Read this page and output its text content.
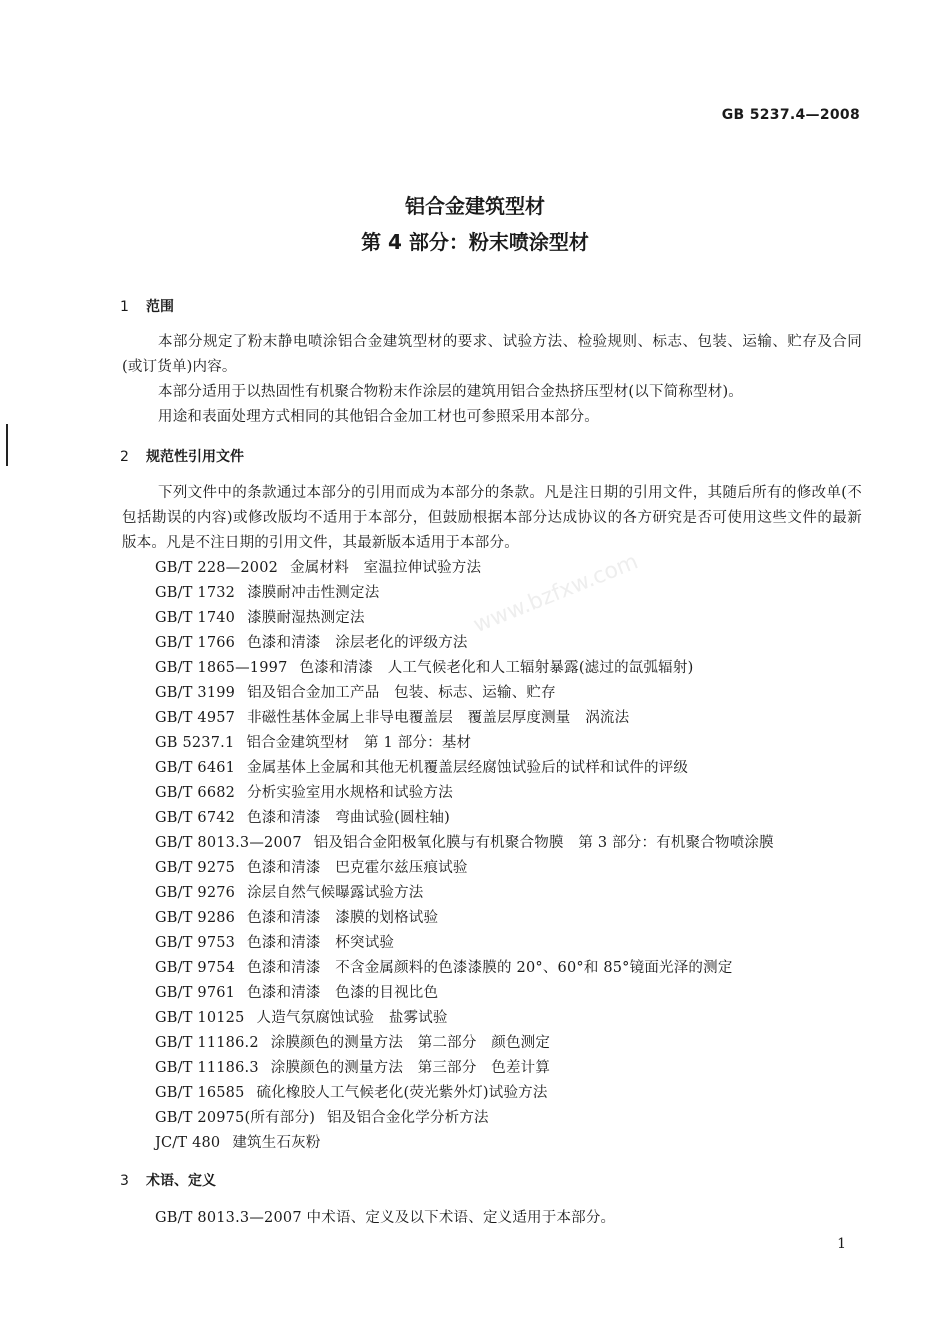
GB 5237.4—2008
铝合金建筑型材
第 4 部分：粉末喷涂型材
1 范围
本部分规定了粉末静电喷涂铝合金建筑型材的要求、试验方法、检验规则、标志、包装、运输、贮存及合同(或订货单)内容。
本部分适用于以热固性有机聚合物粉末作涂层的建筑用铝合金热挤压型材(以下简称型材)。
用途和表面处理方式相同的其他铝合金加工材也可参照采用本部分。
2 规范性引用文件
下列文件中的条款通过本部分的引用而成为本部分的条款。凡是注日期的引用文件，其随后所有的修改单(不包括勘误的内容)或修改版均不适用于本部分，但鼓励根据本部分达成协议的各方研究是否可使用这些文件的最新版本。凡是不注日期的引用文件，其最新版本适用于本部分。
GB/T 228—2002 金属材料　室温拉伸试验方法
GB/T 1732 漆膜耐冲击性测定法
GB/T 1740 漆膜耐湿热测定法
GB/T 1766 色漆和清漆　涂层老化的评级方法
GB/T 1865—1997 色漆和清漆　人工气候老化和人工辐射暴露(滤过的氙弧辐射)
GB/T 3199 铝及铝合金加工产品　包装、标志、运输、贮存
GB/T 4957 非磁性基体金属上非导电覆盖层　覆盖层厚度测量　涡流法
GB 5237.1 铝合金建筑型材　第 1 部分：基材
GB/T 6461 金属基体上金属和其他无机覆盖层经腐蚀试验后的试样和试件的评级
GB/T 6682 分析实验室用水规格和试验方法
GB/T 6742 色漆和清漆　弯曲试验(圆柱轴)
GB/T 8013.3—2007 铝及铝合金阳极氧化膜与有机聚合物膜　第 3 部分：有机聚合物喷涂膜
GB/T 9275 色漆和清漆　巴克霍尔兹压痕试验
GB/T 9276 涂层自然气候曝露试验方法
GB/T 9286 色漆和清漆　漆膜的划格试验
GB/T 9753 色漆和清漆　杯突试验
GB/T 9754 色漆和清漆　不含金属颜料的色漆漆膜的 20°、60°和 85°镜面光泽的测定
GB/T 9761 色漆和清漆　色漆的目视比色
GB/T 10125 人造气氛腐蚀试验　盐雾试验
GB/T 11186.2 涂膜颜色的测量方法　第二部分　颜色测定
GB/T 11186.3 涂膜颜色的测量方法　第三部分　色差计算
GB/T 16585 硫化橡胶人工气候老化(荧光紫外灯)试验方法
GB/T 20975(所有部分) 铝及铝合金化学分析方法
JC/T 480 建筑生石灰粉
3 术语、定义
GB/T 8013.3—2007 中术语、定义及以下术语、定义适用于本部分。
1
www.bzfxw.com
